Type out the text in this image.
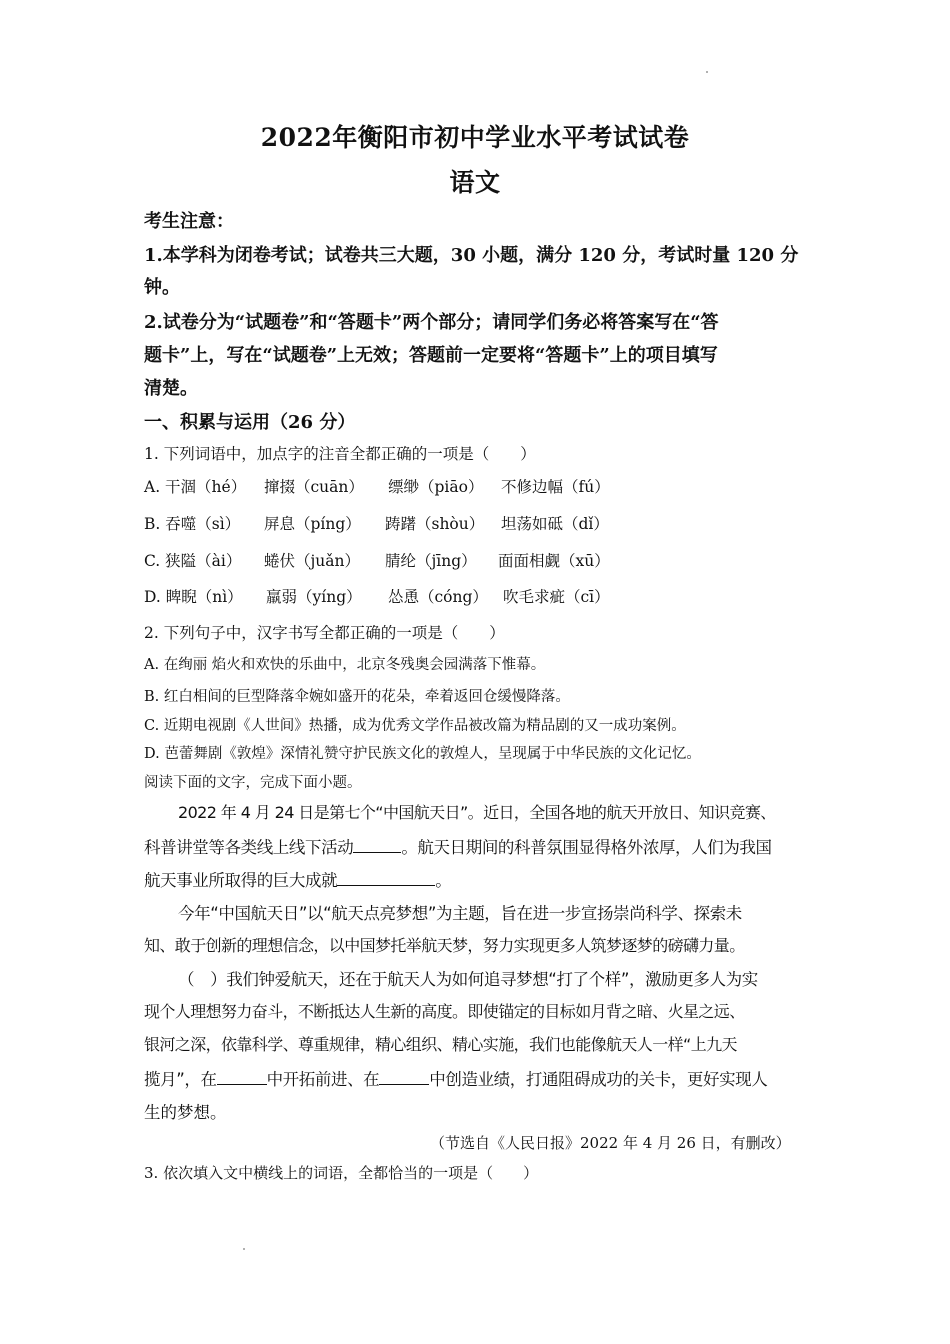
2022年衡阳市初中学业水平考试试卷
语文
考生注意：
1.本学科为闭卷考试；试卷共三大题，30 小题，满分 120 分，考试时量 120 分
钟。
2.试卷分为“试题卷”和“答题卡”两个部分；请同学们务必将答案写在“答
题卡”上，写在“试题卷”上无效；答题前一定要将“答题卡”上的项目填写
清楚。
一、积累与运用（26 分）
1. 下列词语中，加点字的注音全都正确的一项是（　　）
A. 干涸（hé） 撺掇（cuān） 缥缈（piāo） 不修边幅（fú）
B. 吞噬（sì） 屏息（píng） 踌躇（shòu） 坦荡如砥（dǐ）
C. 狭隘（ài） 蜷伏（juǎn） 腈纶（jīng） 面面相觑（xū）
D. 睥睨（nì） 羸弱（yíng） 怂恿（cóng） 吹毛求疵（cī）
2. 下列句子中，汉字书写全都正确的一项是（　　）
A. 在绚丽 焰火和欢快的乐曲中，北京冬残奥会园满落下惟幕。
B. 红白相间的巨型降落伞婉如盛开的花朵，牵着返回仓缓慢降落。
C. 近期电视剧《人世间》热播，成为优秀文学作品被改篇为精品剧的又一成功案例。
D. 芭蕾舞剧《敦煌》深情礼赞守护民族文化的敦煌人，呈现属于中华民族的文化记忆。
阅读下面的文字，完成下面小题。
2022 年 4 月 24 日是第七个“中国航天日”。近日，全国各地的航天开放日、知识竞赛、
科普讲堂等各类线上线下活动	。航天日期间的科普氛围显得格外浓厚，人们为我国
航天事业所取得的巨大成就	。
今年“中国航天日”以“航天点亮梦想”为主题，旨在进一步宣扬崇尚科学、探索未
知、敢于创新的理想信念，以中国梦托举航天梦，努力实现更多人筑梦逐梦的磅礴力量。
（　）我们钟爱航天，还在于航天人为如何追寻梦想“打了个样”，激励更多人为实
现个人理想努力奋斗，不断抵达人生新的高度。即使锚定的目标如月背之暗、火星之远、
银河之深，依靠科学、尊重规律，精心组织、精心实施，我们也能像航天人一样“上九天
揽月”，在	中开拓前进、在	中创造业绩，打通阻碍成功的关卡，更好实现人
生的梦想。
（节选自《人民日报》2022 年 4 月 26 日，有删改）
3. 依次填入文中横线上的词语，全都恰当的一项是（　　）
